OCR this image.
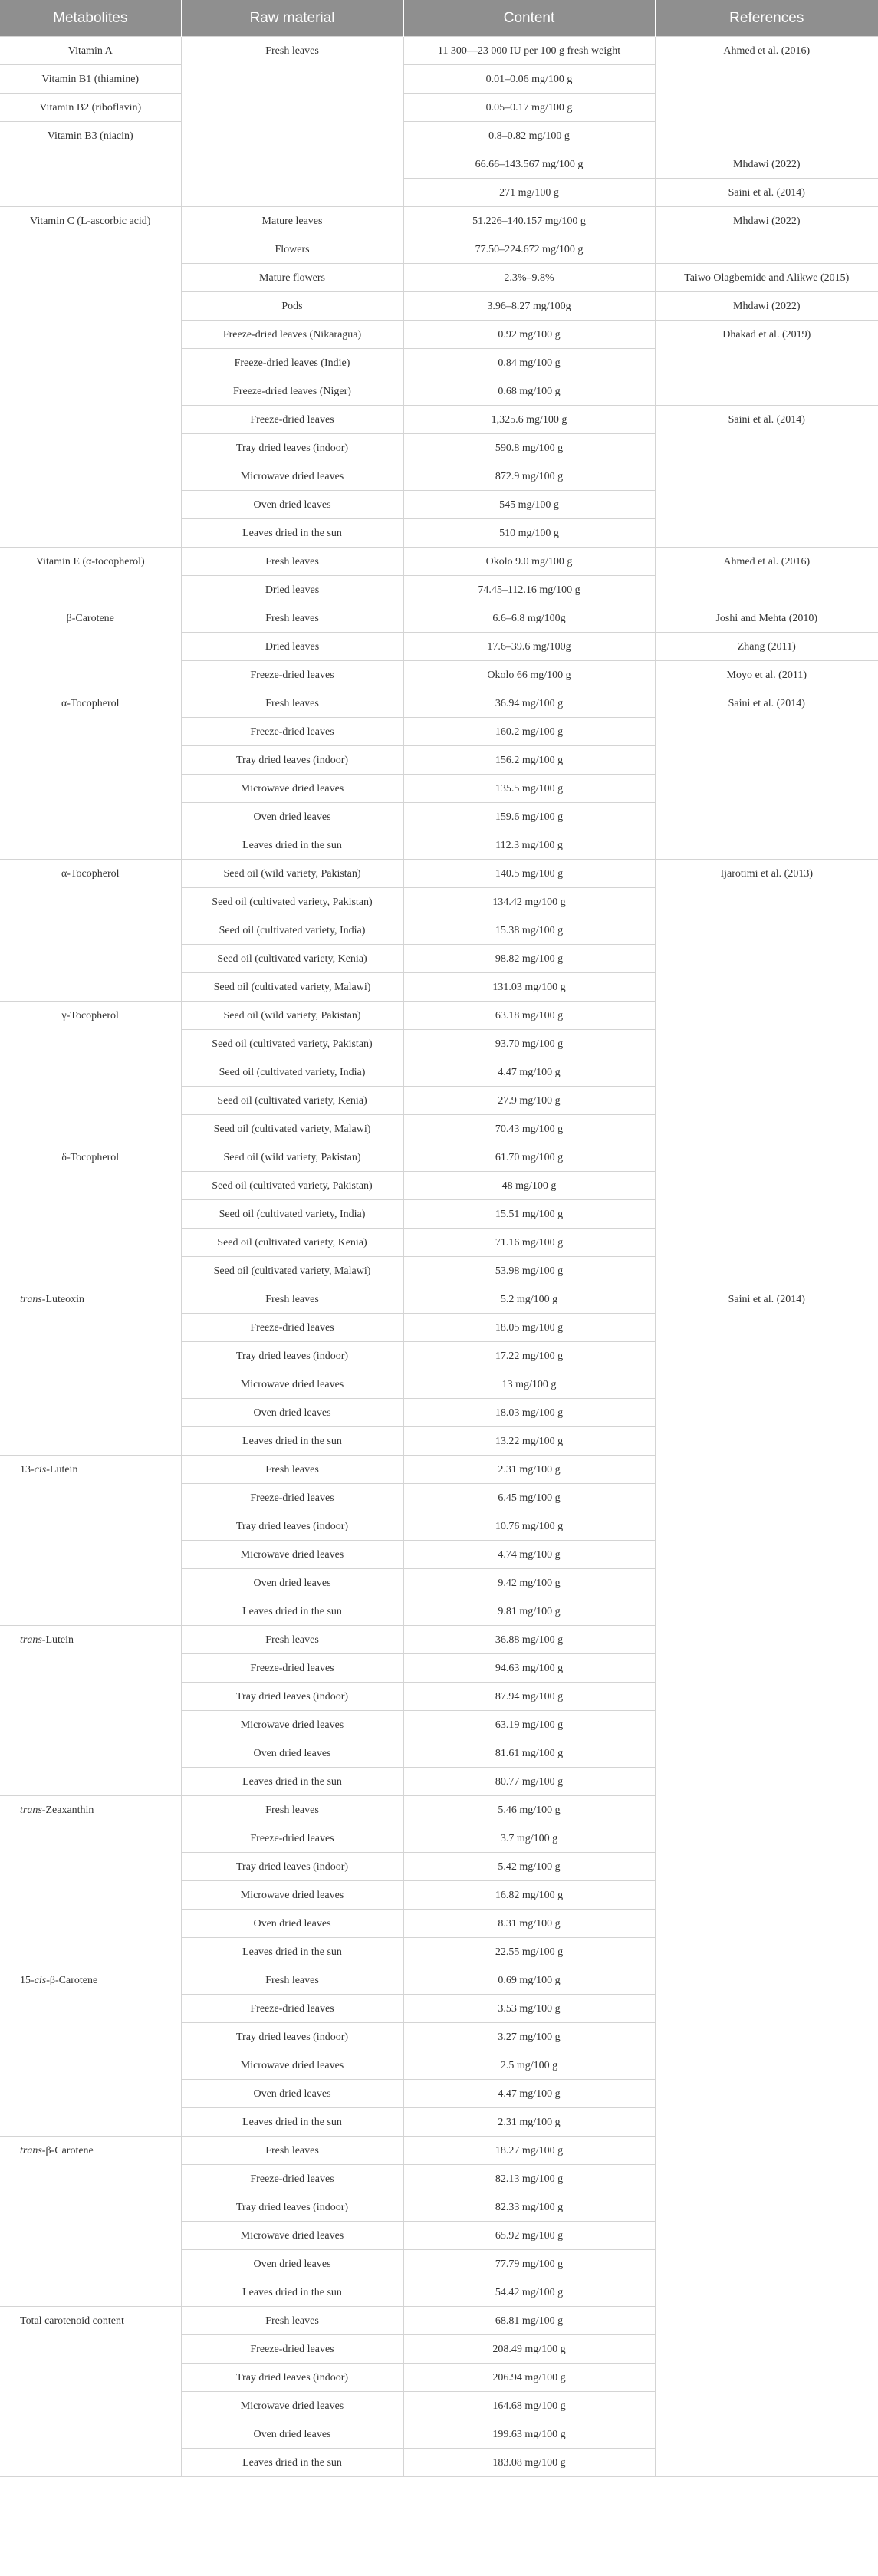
Metabolites	Raw material	Content	References
Vitamin A	Fresh leaves	11 300—23 000 IU per 100 g fresh weight	Ahmed et al. (2016)
Vitamin B1 (thiamine)		0.01–0.06 mg/100 g	
Vitamin B2 (riboflavin)		0.05–0.17 mg/100 g	
Vitamin B3 (niacin)		0.8–0.82 mg/100 g	
		66.66–143.567 mg/100 g	Mhdawi (2022)
		271 mg/100 g	Saini et al. (2014)
Vitamin C (L-ascorbic acid)	Mature leaves	51.226–140.157 mg/100 g	Mhdawi (2022)
	Flowers	77.50–224.672 mg/100 g	
	Mature flowers	2.3%–9.8%	Taiwo Olagbemide and Alikwe (2015)
	Pods	3.96–8.27 mg/100g	Mhdawi (2022)
	Freeze-dried leaves (Nikaragua)	0.92 mg/100 g	Dhakad et al. (2019)
	Freeze-dried leaves (Indie)	0.84 mg/100 g	
	Freeze-dried leaves (Niger)	0.68 mg/100 g	
	Freeze-dried leaves	1,325.6 mg/100 g	Saini et al. (2014)
	Tray dried leaves (indoor)	590.8 mg/100 g	
	Microwave dried leaves	872.9 mg/100 g	
	Oven dried leaves	545 mg/100 g	
	Leaves dried in the sun	510 mg/100 g	
Vitamin E (α-tocopherol)	Fresh leaves	Okolo 9.0 mg/100 g	Ahmed et al. (2016)
	Dried leaves	74.45–112.16 mg/100 g	
β-Carotene	Fresh leaves	6.6–6.8 mg/100g	Joshi and Mehta (2010)
	Dried leaves	17.6–39.6 mg/100g	Zhang (2011)
	Freeze-dried leaves	Okolo 66 mg/100 g	Moyo et al. (2011)
α-Tocopherol	Fresh leaves	36.94 mg/100 g	Saini et al. (2014)
	Freeze-dried leaves	160.2 mg/100 g	
	Tray dried leaves (indoor)	156.2 mg/100 g	
	Microwave dried leaves	135.5 mg/100 g	
	Oven dried leaves	159.6 mg/100 g	
	Leaves dried in the sun	112.3 mg/100 g	
α-Tocopherol	Seed oil (wild variety, Pakistan)	140.5 mg/100 g	Ijarotimi et al. (2013)
	Seed oil (cultivated variety, Pakistan)	134.42 mg/100 g	
	Seed oil (cultivated variety, India)	15.38 mg/100 g	
	Seed oil (cultivated variety, Kenia)	98.82 mg/100 g	
	Seed oil (cultivated variety, Malawi)	131.03 mg/100 g	
γ-Tocopherol	Seed oil (wild variety, Pakistan)	63.18 mg/100 g	
	Seed oil (cultivated variety, Pakistan)	93.70 mg/100 g	
	Seed oil (cultivated variety, India)	4.47 mg/100 g	
	Seed oil (cultivated variety, Kenia)	27.9 mg/100 g	
	Seed oil (cultivated variety, Malawi)	70.43 mg/100 g	
δ-Tocopherol	Seed oil (wild variety, Pakistan)	61.70 mg/100 g	
	Seed oil (cultivated variety, Pakistan)	48 mg/100 g	
	Seed oil (cultivated variety, India)	15.51 mg/100 g	
	Seed oil (cultivated variety, Kenia)	71.16 mg/100 g	
	Seed oil (cultivated variety, Malawi)	53.98 mg/100 g	
trans-Luteoxin	Fresh leaves	5.2 mg/100 g	Saini et al. (2014)
	Freeze-dried leaves	18.05 mg/100 g	
	Tray dried leaves (indoor)	17.22 mg/100 g	
	Microwave dried leaves	13 mg/100 g	
	Oven dried leaves	18.03 mg/100 g	
	Leaves dried in the sun	13.22 mg/100 g	
13-cis-Lutein	Fresh leaves	2.31 mg/100 g	
	Freeze-dried leaves	6.45 mg/100 g	
	Tray dried leaves (indoor)	10.76 mg/100 g	
	Microwave dried leaves	4.74 mg/100 g	
	Oven dried leaves	9.42 mg/100 g	
	Leaves dried in the sun	9.81 mg/100 g	
trans-Lutein	Fresh leaves	36.88 mg/100 g	
	Freeze-dried leaves	94.63 mg/100 g	
	Tray dried leaves (indoor)	87.94 mg/100 g	
	Microwave dried leaves	63.19 mg/100 g	
	Oven dried leaves	81.61 mg/100 g	
	Leaves dried in the sun	80.77 mg/100 g	
trans-Zeaxanthin	Fresh leaves	5.46 mg/100 g	
	Freeze-dried leaves	3.7 mg/100 g	
	Tray dried leaves (indoor)	5.42 mg/100 g	
	Microwave dried leaves	16.82 mg/100 g	
	Oven dried leaves	8.31 mg/100 g	
	Leaves dried in the sun	22.55 mg/100 g	
15-cis-β-Carotene	Fresh leaves	0.69 mg/100 g	
	Freeze-dried leaves	3.53 mg/100 g	
	Tray dried leaves (indoor)	3.27 mg/100 g	
	Microwave dried leaves	2.5 mg/100 g	
	Oven dried leaves	4.47 mg/100 g	
	Leaves dried in the sun	2.31 mg/100 g	
trans-β-Carotene	Fresh leaves	18.27 mg/100 g	
	Freeze-dried leaves	82.13 mg/100 g	
	Tray dried leaves (indoor)	82.33 mg/100 g	
	Microwave dried leaves	65.92 mg/100 g	
	Oven dried leaves	77.79 mg/100 g	
	Leaves dried in the sun	54.42 mg/100 g	
Total carotenoid content	Fresh leaves	68.81 mg/100 g	
	Freeze-dried leaves	208.49 mg/100 g	
	Tray dried leaves (indoor)	206.94 mg/100 g	
	Microwave dried leaves	164.68 mg/100 g	
	Oven dried leaves	199.63 mg/100 g	
	Leaves dried in the sun	183.08 mg/100 g	
